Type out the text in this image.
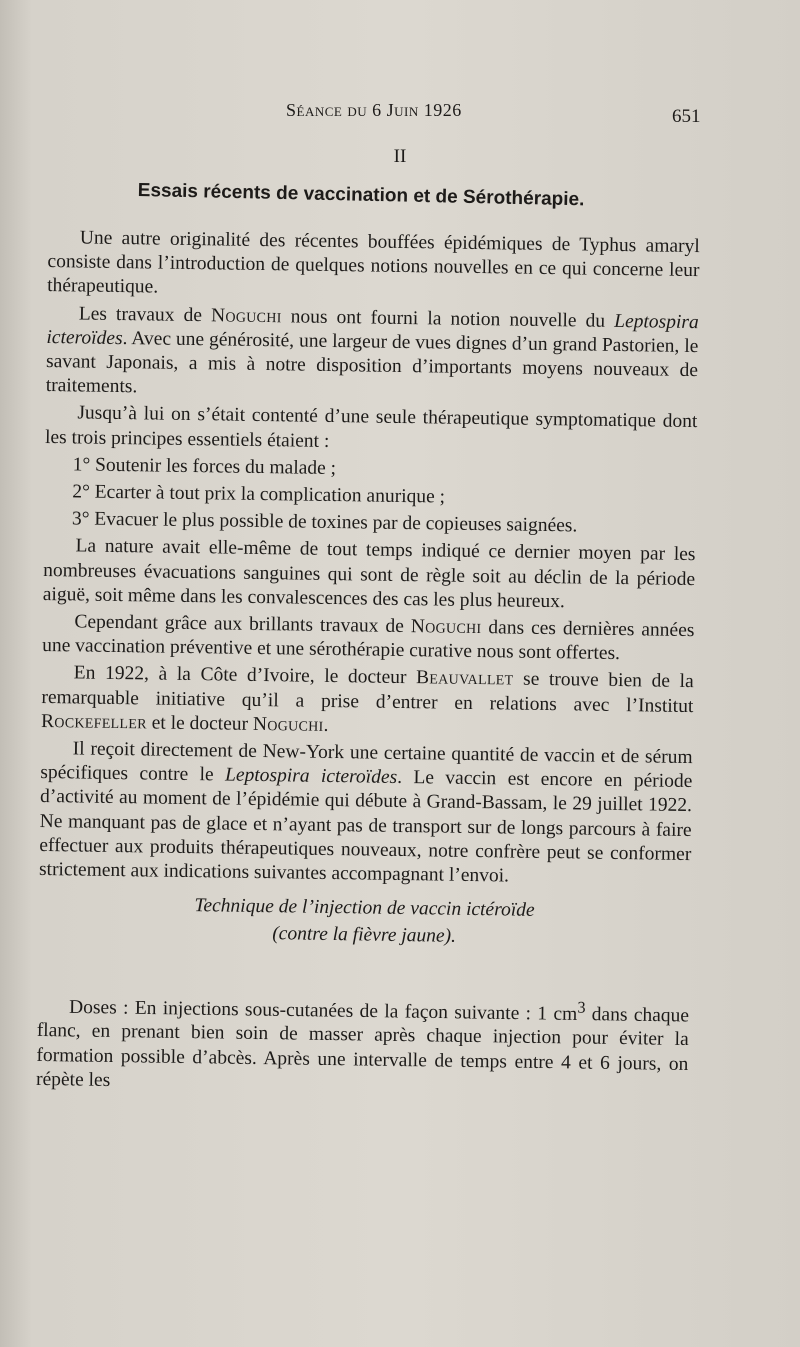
Séance du 6 Juin 1926	651
II
Essais récents de vaccination et de Sérothérapie.

Une autre originalité des récentes bouffées épidémiques de Typhus amaryl consiste dans l’introduction de quelques notions nouvelles en ce qui concerne leur thérapeutique.

Les travaux de Noguchi nous ont fourni la notion nouvelle du Leptospira icteroïdes. Avec une générosité, une largeur de vues dignes d’un grand Pastorien, le savant Japonais, a mis à notre disposition d’importants moyens nouveaux de traitements.

Jusqu’à lui on s’était contenté d’une seule thérapeutique symptomatique dont les trois principes essentiels étaient :

1° Soutenir les forces du malade ;

2° Ecarter à tout prix la complication anurique ;

3° Evacuer le plus possible de toxines par de copieuses saignées.

La nature avait elle-même de tout temps indiqué ce dernier moyen par les nombreuses évacuations sanguines qui sont de règle soit au déclin de la période aiguë, soit même dans les convalescences des cas les plus heureux.

Cependant grâce aux brillants travaux de Noguchi dans ces dernières années une vaccination préventive et une sérothérapie curative nous sont offertes.

En 1922, à la Côte d’Ivoire, le docteur Beauvallet se trouve bien de la remarquable initiative qu’il a prise d’entrer en relations avec l’Institut Rockefeller et le docteur Noguchi.

Il reçoit directement de New-York une certaine quantité de vaccin et de sérum spécifiques contre le Leptospira icteroïdes. Le vaccin est encore en période d’activité au moment de l’épidémie qui débute à Grand-Bassam, le 29 juillet 1922. Ne manquant pas de glace et n’ayant pas de transport sur de longs parcours à faire effectuer aux produits thérapeutiques nouveaux, notre confrère peut se conformer strictement aux indications suivantes accompagnant l’envoi.

Technique de l’injection de vaccin ictéroïde

(contre la fièvre jaune).

Doses : En injections sous-cutanées de la façon suivante : 1 $cm^3$ dans chaque flanc, en prenant bien soin de masser après chaque injection pour éviter la formation possible d’abcès. Après une intervalle de temps entre 4 et 6 jours, on répète les
